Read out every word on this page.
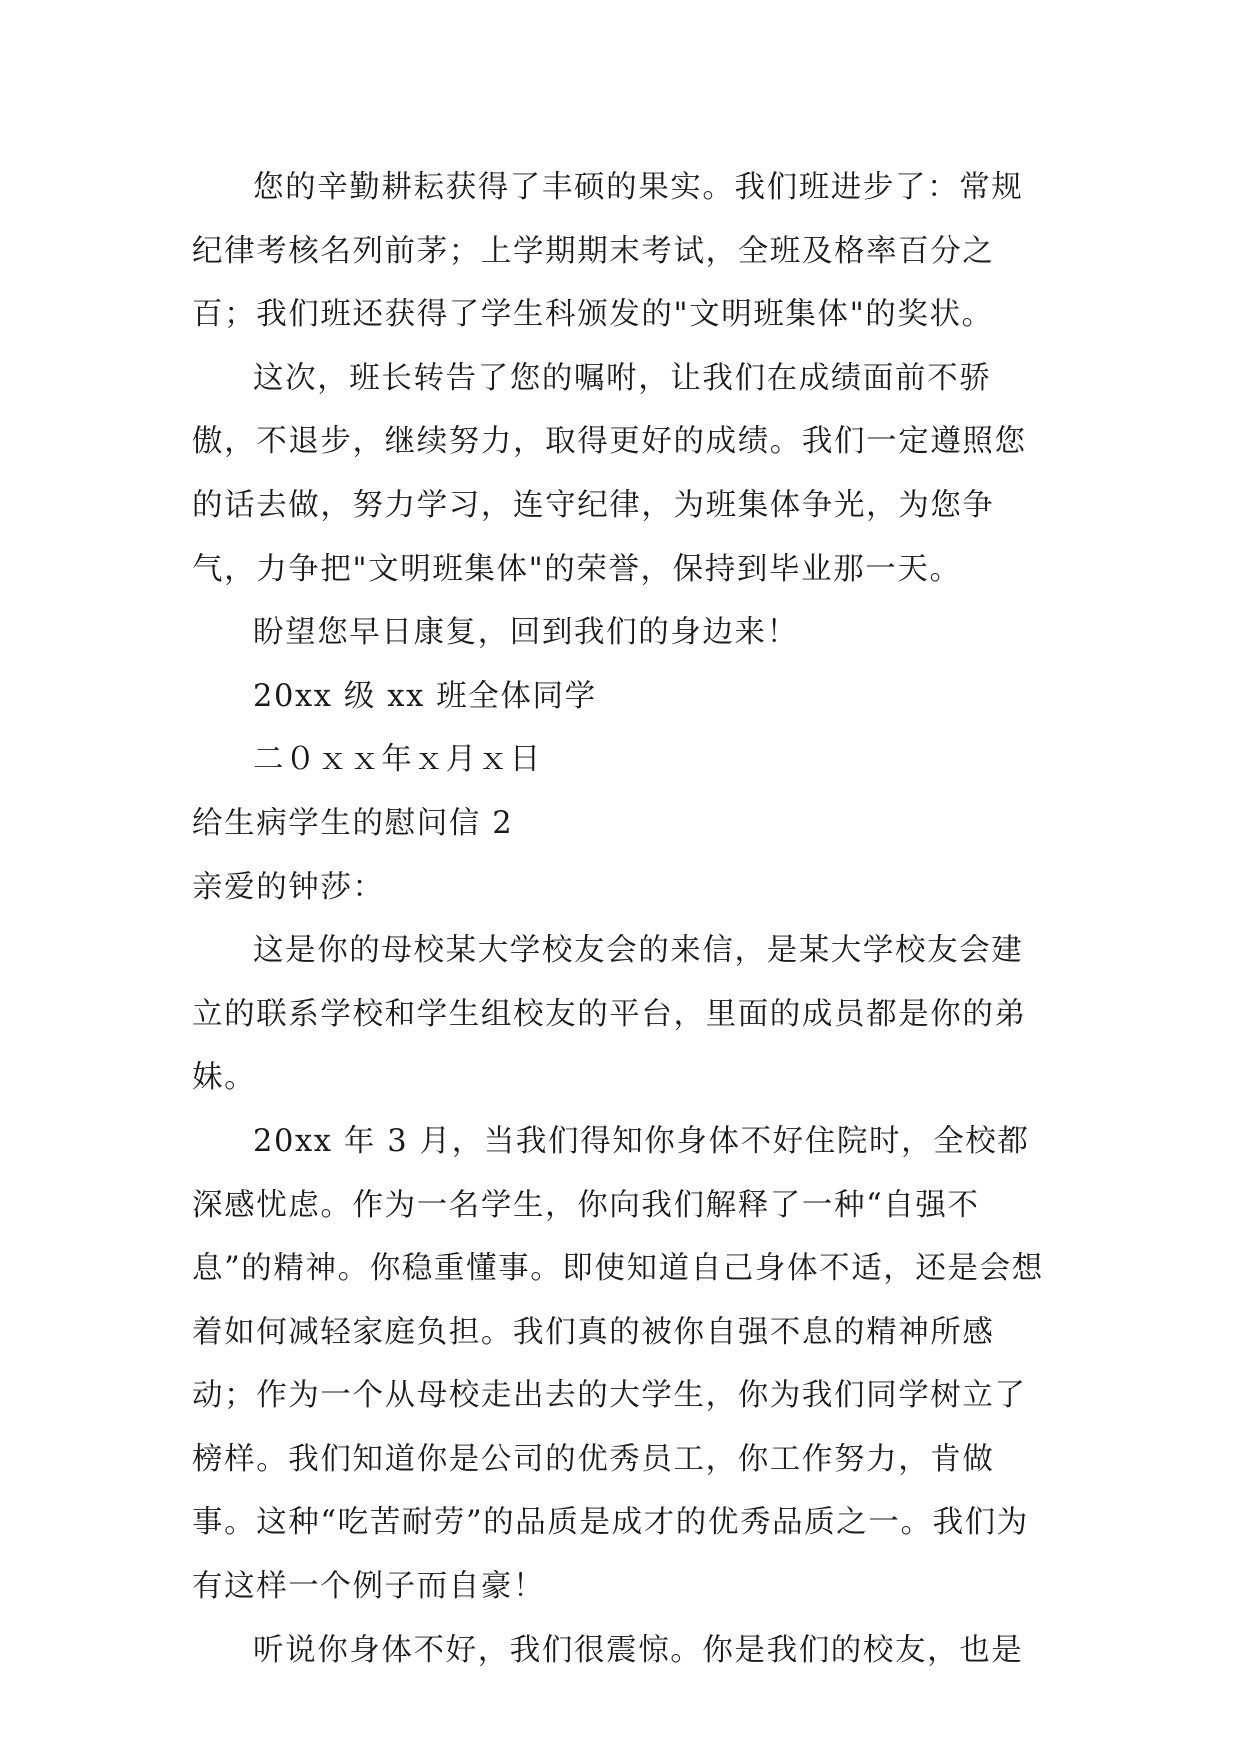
您的辛勤耕耘获得了丰硕的果实。我们班进步了：常规纪律考核名列前茅；上学期期末考试，全班及格率百分之百；我们班还获得了学生科颁发的"文明班集体"的奖状。

这次，班长转告了您的嘱咐，让我们在成绩面前不骄傲，不退步，继续努力，取得更好的成绩。我们一定遵照您的话去做，努力学习，连守纪律，为班集体争光，为您争气，力争把"文明班集体"的荣誉，保持到毕业那一天。

盼望您早日康复，回到我们的身边来！

20xx 级 xx 班全体同学

二０ｘｘ年ｘ月ｘ日

给生病学生的慰问信 2

亲爱的钟莎：

这是你的母校某大学校友会的来信，是某大学校友会建立的联系学校和学生组校友的平台，里面的成员都是你的弟妹。

20xx 年 3 月，当我们得知你身体不好住院时，全校都深感忧虑。作为一名学生，你向我们解释了一种“自强不息”的精神。你稳重懂事。即使知道自己身体不适，还是会想着如何减轻家庭负担。我们真的被你自强不息的精神所感动；作为一个从母校走出去的大学生，你为我们同学树立了榜样。我们知道你是公司的优秀员工，你工作努力，肯做事。这种“吃苦耐劳”的品质是成才的优秀品质之一。我们为有这样一个例子而自豪！

听说你身体不好，我们很震惊。你是我们的校友，也是
